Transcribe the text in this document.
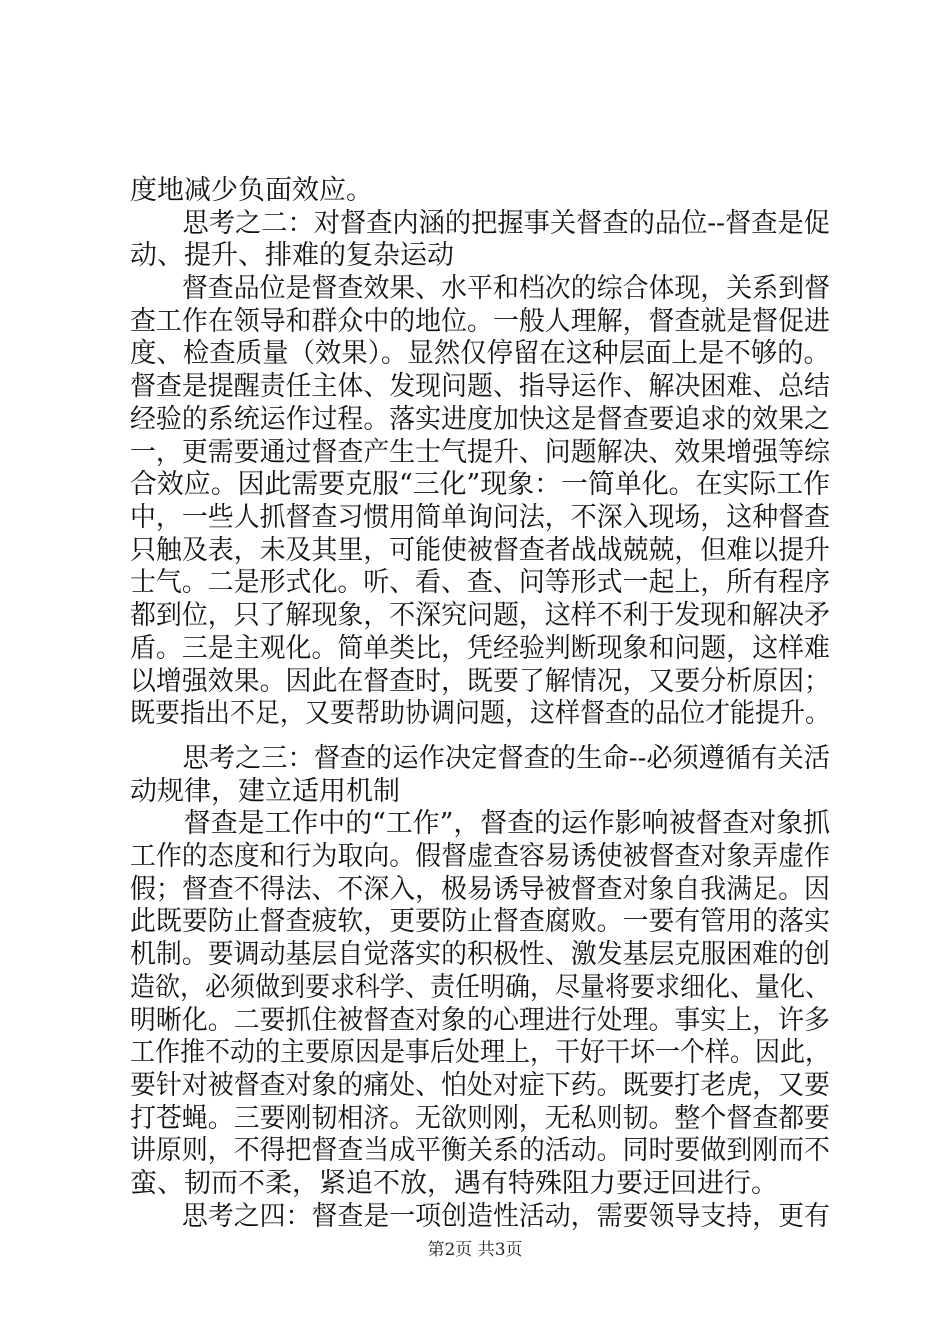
度地减少负面效应。
　　思考之二：对督查内涵的把握事关督查的品位--督查是促
动、提升、排难的复杂运动
　　督查品位是督查效果、水平和档次的综合体现，关系到督
查工作在领导和群众中的地位。一般人理解，督查就是督促进
度、检查质量（效果）。显然仅停留在这种层面上是不够的。
督查是提醒责任主体、发现问题、指导运作、解决困难、总结
经验的系统运作过程。落实进度加快这是督查要追求的效果之
一，更需要通过督查产生士气提升、问题解决、效果增强等综
合效应。因此需要克服“三化”现象：一简单化。在实际工作
中，一些人抓督查习惯用简单询问法，不深入现场，这种督查
只触及表，未及其里，可能使被督查者战战兢兢，但难以提升
士气。二是形式化。听、看、查、问等形式一起上，所有程序
都到位，只了解现象，不深究问题，这样不利于发现和解决矛
盾。三是主观化。简单类比，凭经验判断现象和问题，这样难
以增强效果。因此在督查时，既要了解情况，又要分析原因；
既要指出不足，又要帮助协调问题，这样督查的品位才能提升。
　　思考之三：督查的运作决定督查的生命--必须遵循有关活
动规律，建立适用机制
　　督查是工作中的“工作”，督查的运作影响被督查对象抓
工作的态度和行为取向。假督虚查容易诱使被督查对象弄虚作
假；督查不得法、不深入，极易诱导被督查对象自我满足。因
此既要防止督查疲软，更要防止督查腐败。一要有管用的落实
机制。要调动基层自觉落实的积极性、激发基层克服困难的创
造欲，必须做到要求科学、责任明确，尽量将要求细化、量化、
明晰化。二要抓住被督查对象的心理进行处理。事实上，许多
工作推不动的主要原因是事后处理上，干好干坏一个样。因此，
要针对被督查对象的痛处、怕处对症下药。既要打老虎，又要
打苍蝇。三要刚韧相济。无欲则刚，无私则韧。整个督查都要
讲原则，不得把督查当成平衡关系的活动。同时要做到刚而不
蛮、韧而不柔，紧追不放，遇有特殊阻力要迂回进行。
　　思考之四：督查是一项创造性活动，需要领导支持，更有
第2页 共3页
